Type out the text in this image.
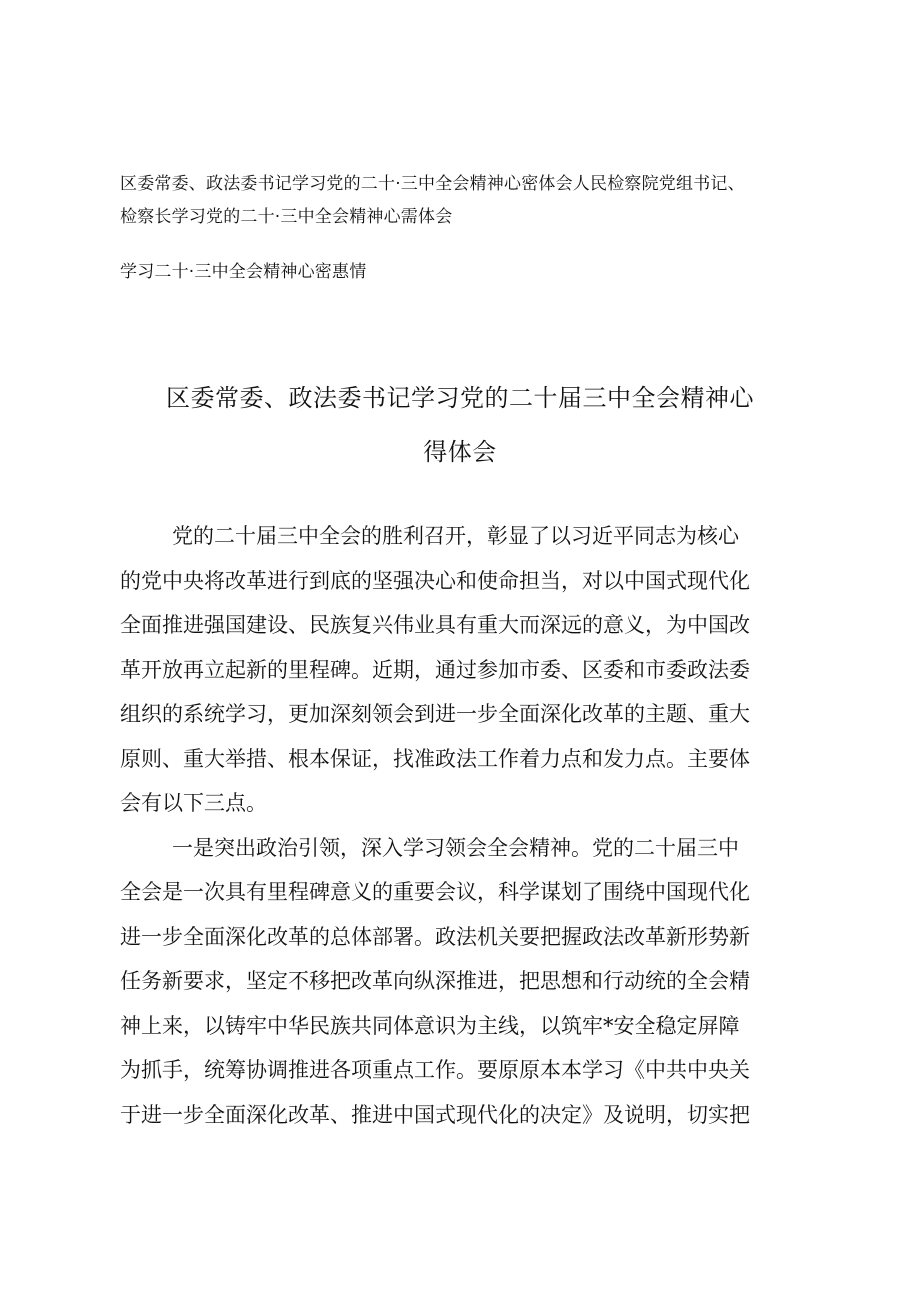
区委常委、政法委书记学习党的二十·三中全会精神心密体会人民检察院党组书记、
检察长学习党的二十·三中全会精神心需体会
学习二十·三中全会精神心密惠情
区委常委、政法委书记学习党的二十届三中全会精神心
得体会
党的二十届三中全会的胜利召开，彰显了以习近平同志为核心
的党中央将改革进行到底的坚强决心和使命担当，对以中国式现代化
全面推进强国建设、民族复兴伟业具有重大而深远的意义，为中国改
革开放再立起新的里程碑。近期，通过参加市委、区委和市委政法委
组织的系统学习，更加深刻领会到进一步全面深化改革的主题、重大
原则、重大举措、根本保证，找准政法工作着力点和发力点。主要体
会有以下三点。
一是突出政治引领，深入学习领会全会精神。党的二十届三中
全会是一次具有里程碑意义的重要会议，科学谋划了围绕中国现代化
进一步全面深化改革的总体部署。政法机关要把握政法改革新形势新
任务新要求，坚定不移把改革向纵深推进，把思想和行动统的全会精
神上来，以铸牢中华民族共同体意识为主线，以筑牢*安全稳定屏障
为抓手，统筹协调推进各项重点工作。要原原本本学习《中共中央关
于进一步全面深化改革、推进中国式现代化的决定》及说明，切实把
